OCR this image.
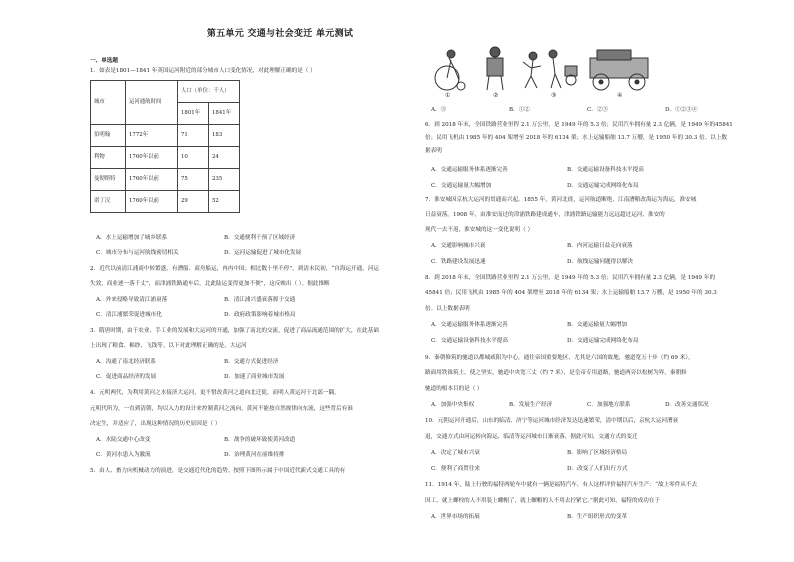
第五单元 交通与社会变迁 单元测试
一、单选题
1．如表是1801—1841 年英国运河附近的部分城市人口变化情况，对此理解正确的是（ ）
城市	运河通航时间	人口（单位：千人）	
		1801年	1841年
伯明翰	1772年	71	183
利物	1760年以前	10	24
曼彻斯特	1760年以前	75	235
诺丁汉	1760年以前	29	52
A．水上运输增加了城乡联系	B．交通便利干预了区域经济
C．城市分布与运河航线密切相关	D．运河运输促进了城市化发展
2．近代以前清江浦商中转繁盛，有漕船、商舟船运，冉冉中国；相比数十里不停”，到清末民初，“自海运开通，河运
失效，商业逐一落千丈”，而津浦铁路通车后，北此陆运变得更加不便”，这反映出（ ）。据此推断
A．外来侵略导致清江浦衰落	B．清江浦兴盛衰落源于交通
C．清江浦繁荣促进城市化	D．政府政策影响着城市格局
3．隋唐时期，由于农业、手工业的发展和大运河的开通，加强了南北的交流，促进了商品流通范围的扩大，在此基础
上出现了粮食、棉纱、飞钱等。以下对此理解正确的是，大运河
A．沟通了南北经济联系	B．交通方式促进经济
C．促进商品经济的发展	D．加速了商业城市发展
4．元明两代，为利用黄河之水接济大运河，更不惜改黄河之道向北迁徙，而明人黄运河于北部一隅，
元明代所为，一直到清朝，均以入力的设计来控制黄河之流向。黄河不能按自然规律向东流，这些背后有谁
决定生，并适应了，出现这种情况的历史原因是（ ）
A．水陆交通中心改变	B．战争的破坏致使黄河改道
C．黄河水患入为激流	D．治理黄河在前维持排
5．由人、畜力向机械动力的演进，是交通近代化的趋势。按照下图所示属于中国近代新式交通工具的有
①	②	③	④
A．③	B．①②	C．②③	D．①②③④
6．到 2018 年末，全国铁路营业里程 2.1 万公里，是 1949 年的 5.3 倍；民用汽车拥有量 2.3 亿辆，是 1949 年的45841
倍；民用飞机由 1985 年的 404 架增至 2018 年的 6134 架；水上运输船舶 13.7 万艘，是 1950 年的 30.3 倍。以上数
据表明
A．交通运输服务体系逐渐完善	B．交通运输设备科技水平提高
C．交通运输量大幅增加	D．交通运输完成网络化布局
7．淮安城因京杭大运河的贯通而兴起。1855 年，黄河北徙，运河航道断绝，江南漕粮改海运为海运，淮安城
日益衰落。1908 年，由淮安而过的津浦铁路建成通车，津浦铁路运输能力远远超过运河，淮安的
现代一去不返，淮安城的这一变化说明（ ）
A．交通影响城市兴衰	B．内河运输日益走向衰落
C．铁路建设发展迅速	D．航线运输问题得以解决
8．到 2018 年末，全国铁路营业里程 2.1 万公里，是 1949 年的 5.3 倍；民用汽车拥有量 2.3 亿辆，是 1949 年的
45841 倍；民用飞机由 1985 年的 404 架增至 2018 年的 6134 架；水上运输船舶 13.7 万艘，是 1950 年的 30.3
倍。以上数据表明
A．交通运输服务体系逐渐完善	B．交通运输量大幅增加
C．交通运输设备科技水平提高	D．交通运输完成网络化布局
9．秦朝修筑的驰道以都城咸阳为中心，通往帝国重要地区，尤其是六国的故地，驰道宽五十步（约 69 米），
路面用铁锥筑土，使之坚实，驰道中央宽三丈（约 7 米），是皇帝专用道路，驰道两旁以松树为界，秦朝修
驰道的根本目的是（ ）
A．加强中央集权	B．发展生产经济	C．加强地方联系	D．改善交通状况
10．元朝运河开通后，山东的临清、济宁等运河城市经济发达迅速繁荣，清中期以后，京杭大运河漕衰
退，交通方式由河运转向海运，临清等运河城市日渐衰落，据此可知，交通方式的变迁
A．决定了城市兴衰	B．影响了区域经济格局
C．便利了商贸往来	D．改变了人们出行方式
11．1914 年，陆上行驶的福特两轮车中就有一辆是福特汽车。有人这样评价福特汽车生产：“故上零件从不去
因工，就上螺栓的人不用装上螺帽了，就上螺帽的人不用去拧紧它。”据此可知，福特的成功在于
A．世界市场的拓展	B．生产组织形式的变革
